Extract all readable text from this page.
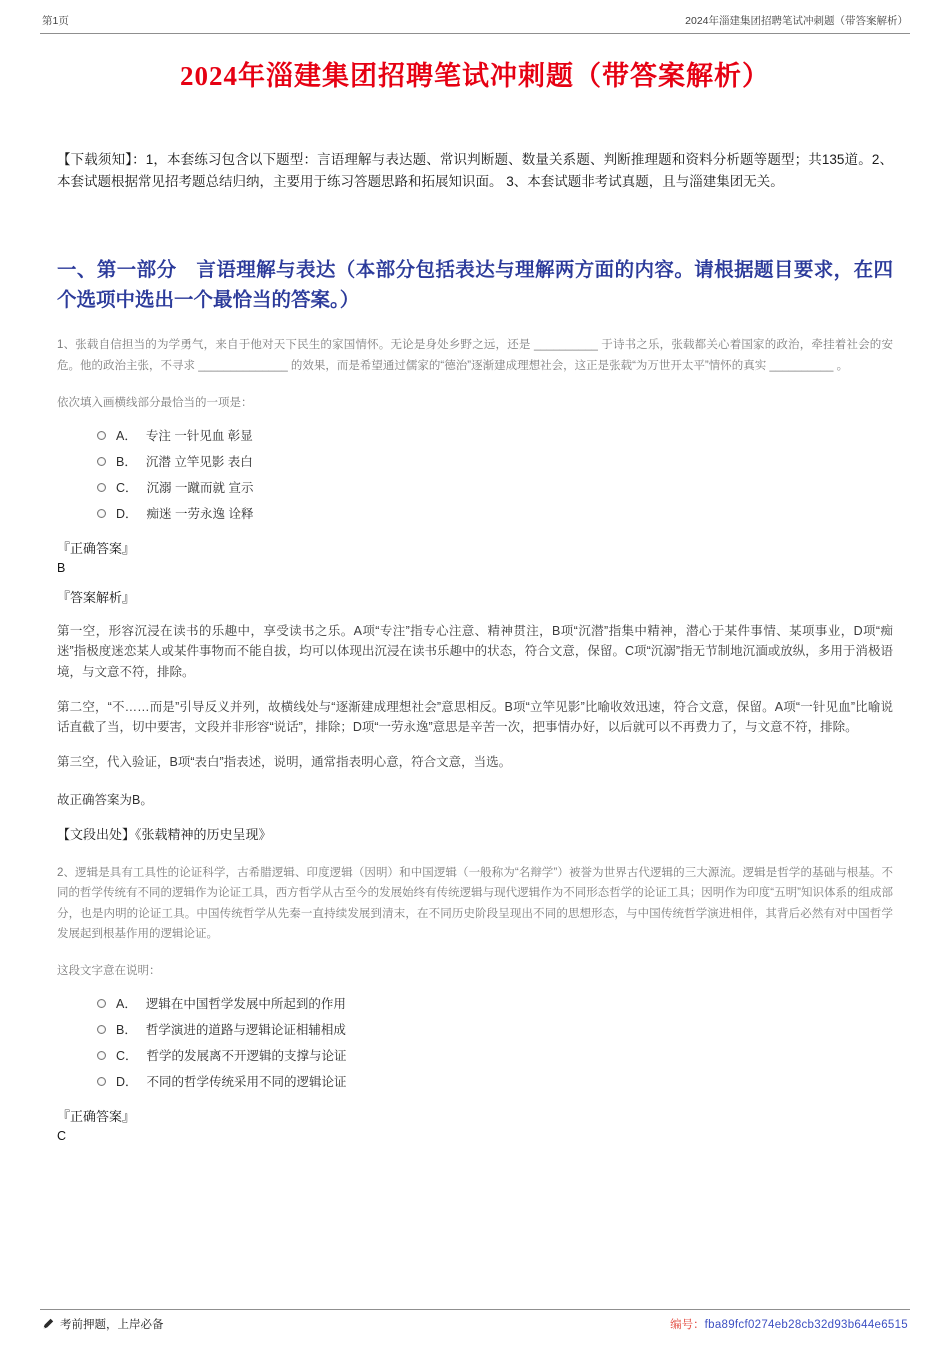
第1页	2024年淄建集团招聘笔试冲刺题（带答案解析）
2024年淄建集团招聘笔试冲刺题（带答案解析）

【下载须知】：1，本套练习包含以下题型：言语理解与表达题、常识判断题、数量关系题、判断推理题和资料分析题等题型；共135道。2、本套试题根据常见招考题总结归纳，主要用于练习答题思路和拓展知识面。 3、本套试题非考试真题，且与淄建集团无关。

一、第一部分　言语理解与表达（本部分包括表达与理解两方面的内容。请根据题目要求，在四个选项中选出一个最恰当的答案。）

1、张载自信担当的为学勇气，来自于他对天下民生的家国情怀。无论是身处乡野之远，还是 __________ 于诗书之乐，张载都关心着国家的政治，牵挂着社会的安危。他的政治主张，不寻求 ______________ 的效果，而是希望通过儒家的“德治”逐渐建成理想社会，这正是张载“为万世开太平”情怀的真实 __________ 。

依次填入画横线部分最恰当的一项是：

A． 专注 一针见血 彰显
B． 沉潜 立竿见影 表白
C． 沉溺 一蹴而就 宣示
D． 痴迷 一劳永逸 诠释

『正确答案』

B

『答案解析』

第一空，形容沉浸在读书的乐趣中，享受读书之乐。A项“专注”指专心注意、精神贯注，B项“沉潜”指集中精神，潜心于某件事情、某项事业，D项“痴迷”指极度迷恋某人或某件事物而不能自拔，均可以体现出沉浸在读书乐趣中的状态，符合文意，保留。C项“沉溺”指无节制地沉湎或放纵，多用于消极语境，与文意不符，排除。

第二空，“不……而是”引导反义并列，故横线处与“逐渐建成理想社会”意思相反。B项“立竿见影”比喻收效迅速，符合文意，保留。A项“一针见血”比喻说话直截了当，切中要害，文段并非形容“说话”，排除；D项“一劳永逸”意思是辛苦一次，把事情办好，以后就可以不再费力了，与文意不符，排除。

第三空，代入验证，B项“表白”指表述，说明，通常指表明心意，符合文意，当选。

故正确答案为B。

【文段出处】《张载精神的历史呈现》

2、逻辑是具有工具性的论证科学，古希腊逻辑、印度逻辑（因明）和中国逻辑（一般称为“名辩学”）被誉为世界古代逻辑的三大源流。逻辑是哲学的基础与根基。不同的哲学传统有不同的逻辑作为论证工具，西方哲学从古至今的发展始终有传统逻辑与现代逻辑作为不同形态哲学的论证工具；因明作为印度“五明”知识体系的组成部分，也是内明的论证工具。中国传统哲学从先秦一直持续发展到清末，在不同历史阶段呈现出不同的思想形态，与中国传统哲学演进相伴，其背后必然有对中国哲学发展起到根基作用的逻辑论证。

这段文字意在说明：

A． 逻辑在中国哲学发展中所起到的作用
B． 哲学演进的道路与逻辑论证相辅相成
C． 哲学的发展离不开逻辑的支撑与论证
D． 不同的哲学传统采用不同的逻辑论证

『正确答案』

C

考前押题，上岸必备	编号：fba89fcf0274eb28cb32d93b644e6515
